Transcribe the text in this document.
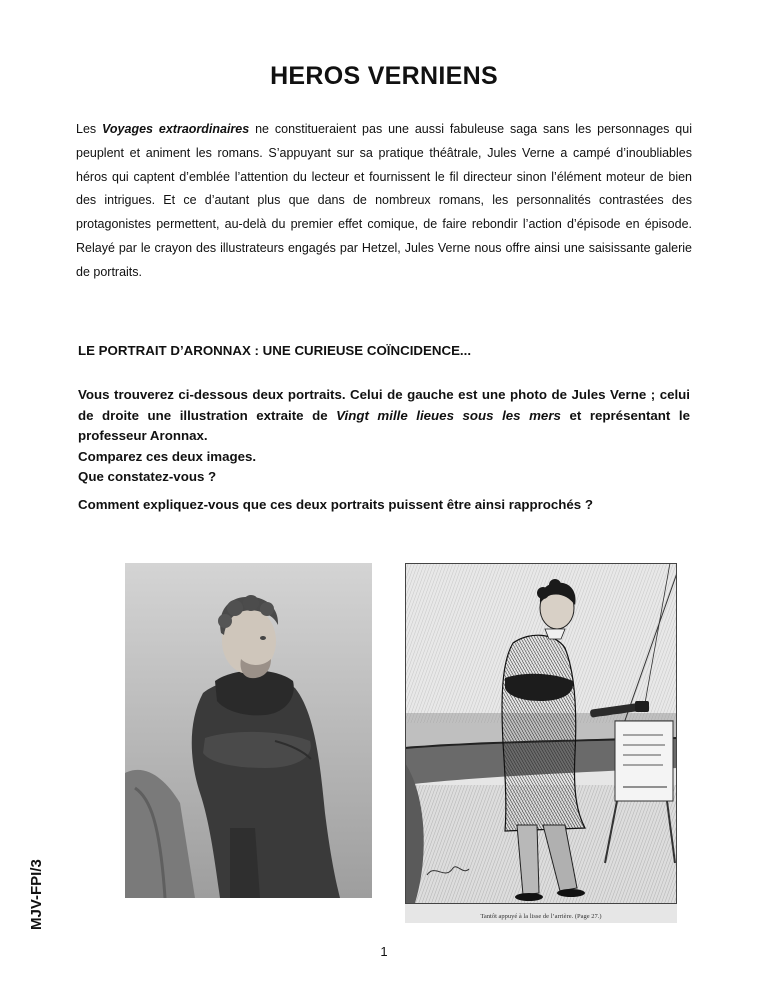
HEROS VERNIENS

Les Voyages extraordinaires ne constitueraient pas une aussi fabuleuse saga sans les personnages qui peuplent et animent les romans. S’appuyant sur sa pratique théâtrale, Jules Verne a campé d’inoubliables héros qui captent d’emblée l’attention du lecteur et fournissent le fil directeur sinon l’élément moteur de bien des intrigues. Et ce d’autant plus que dans de nombreux romans, les personnalités contrastées des protagonistes permettent, au-delà du premier effet comique, de faire rebondir l’action d’épisode en épisode. Relayé par le crayon des illustrateurs engagés par Hetzel, Jules Verne nous offre ainsi une saisissante galerie de portraits.

LE PORTRAIT D’ARONNAX : UNE CURIEUSE COÏNCIDENCE...

Vous trouverez ci-dessous deux portraits. Celui de gauche est une photo de Jules Verne ; celui de droite une illustration extraite de Vingt mille lieues sous les mers et représentant le professeur Aronnax.
Comparez ces deux images.
Que constatez-vous ?
Comment expliquez-vous que ces deux portraits puissent être ainsi rapprochés ?

MJV-FPI/3	Tantôt appuyé à la lisse de l’arrière. (Page 27.)
1
